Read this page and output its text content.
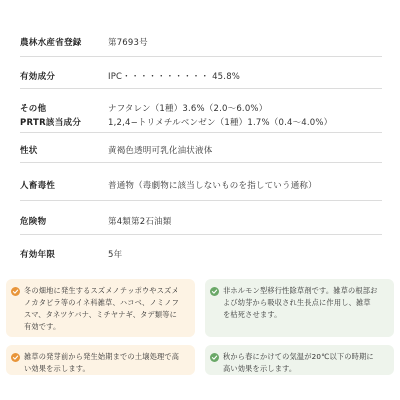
農林水産省登録	第7693号
有効成分	IPC・・・・・・・・・・ 45.8%
その他	ナフタレン（1種）3.6%（2.0〜6.0%）
PRTR該当成分	1,2,4−トリメチルベンゼン（1種）1.7%（0.4〜4.0%）
性状	黄褐色透明可乳化油状液体
人畜毒性	普通物（毒劇物に該当しないものを指していう通称）
危険物	第4類第2石油類
有効年限	5年
冬の畑地に発生するスズメノテッポウやスズメ
ノカタビラ等のイネ科雑草、ハコベ、ノミノフ
スマ、タネツケバナ、ミチヤナギ、タデ類等に
有効です。
非ホルモン型移行性除草剤です。雑草の根部お
よび幼芽から吸収され生長点に作用し、雑草
を枯死させます。
雑草の発芽前から発生始期までの土壌処理で高
い効果を示します。
秋から春にかけての気温が20℃以下の時期に
高い効果を示します。
